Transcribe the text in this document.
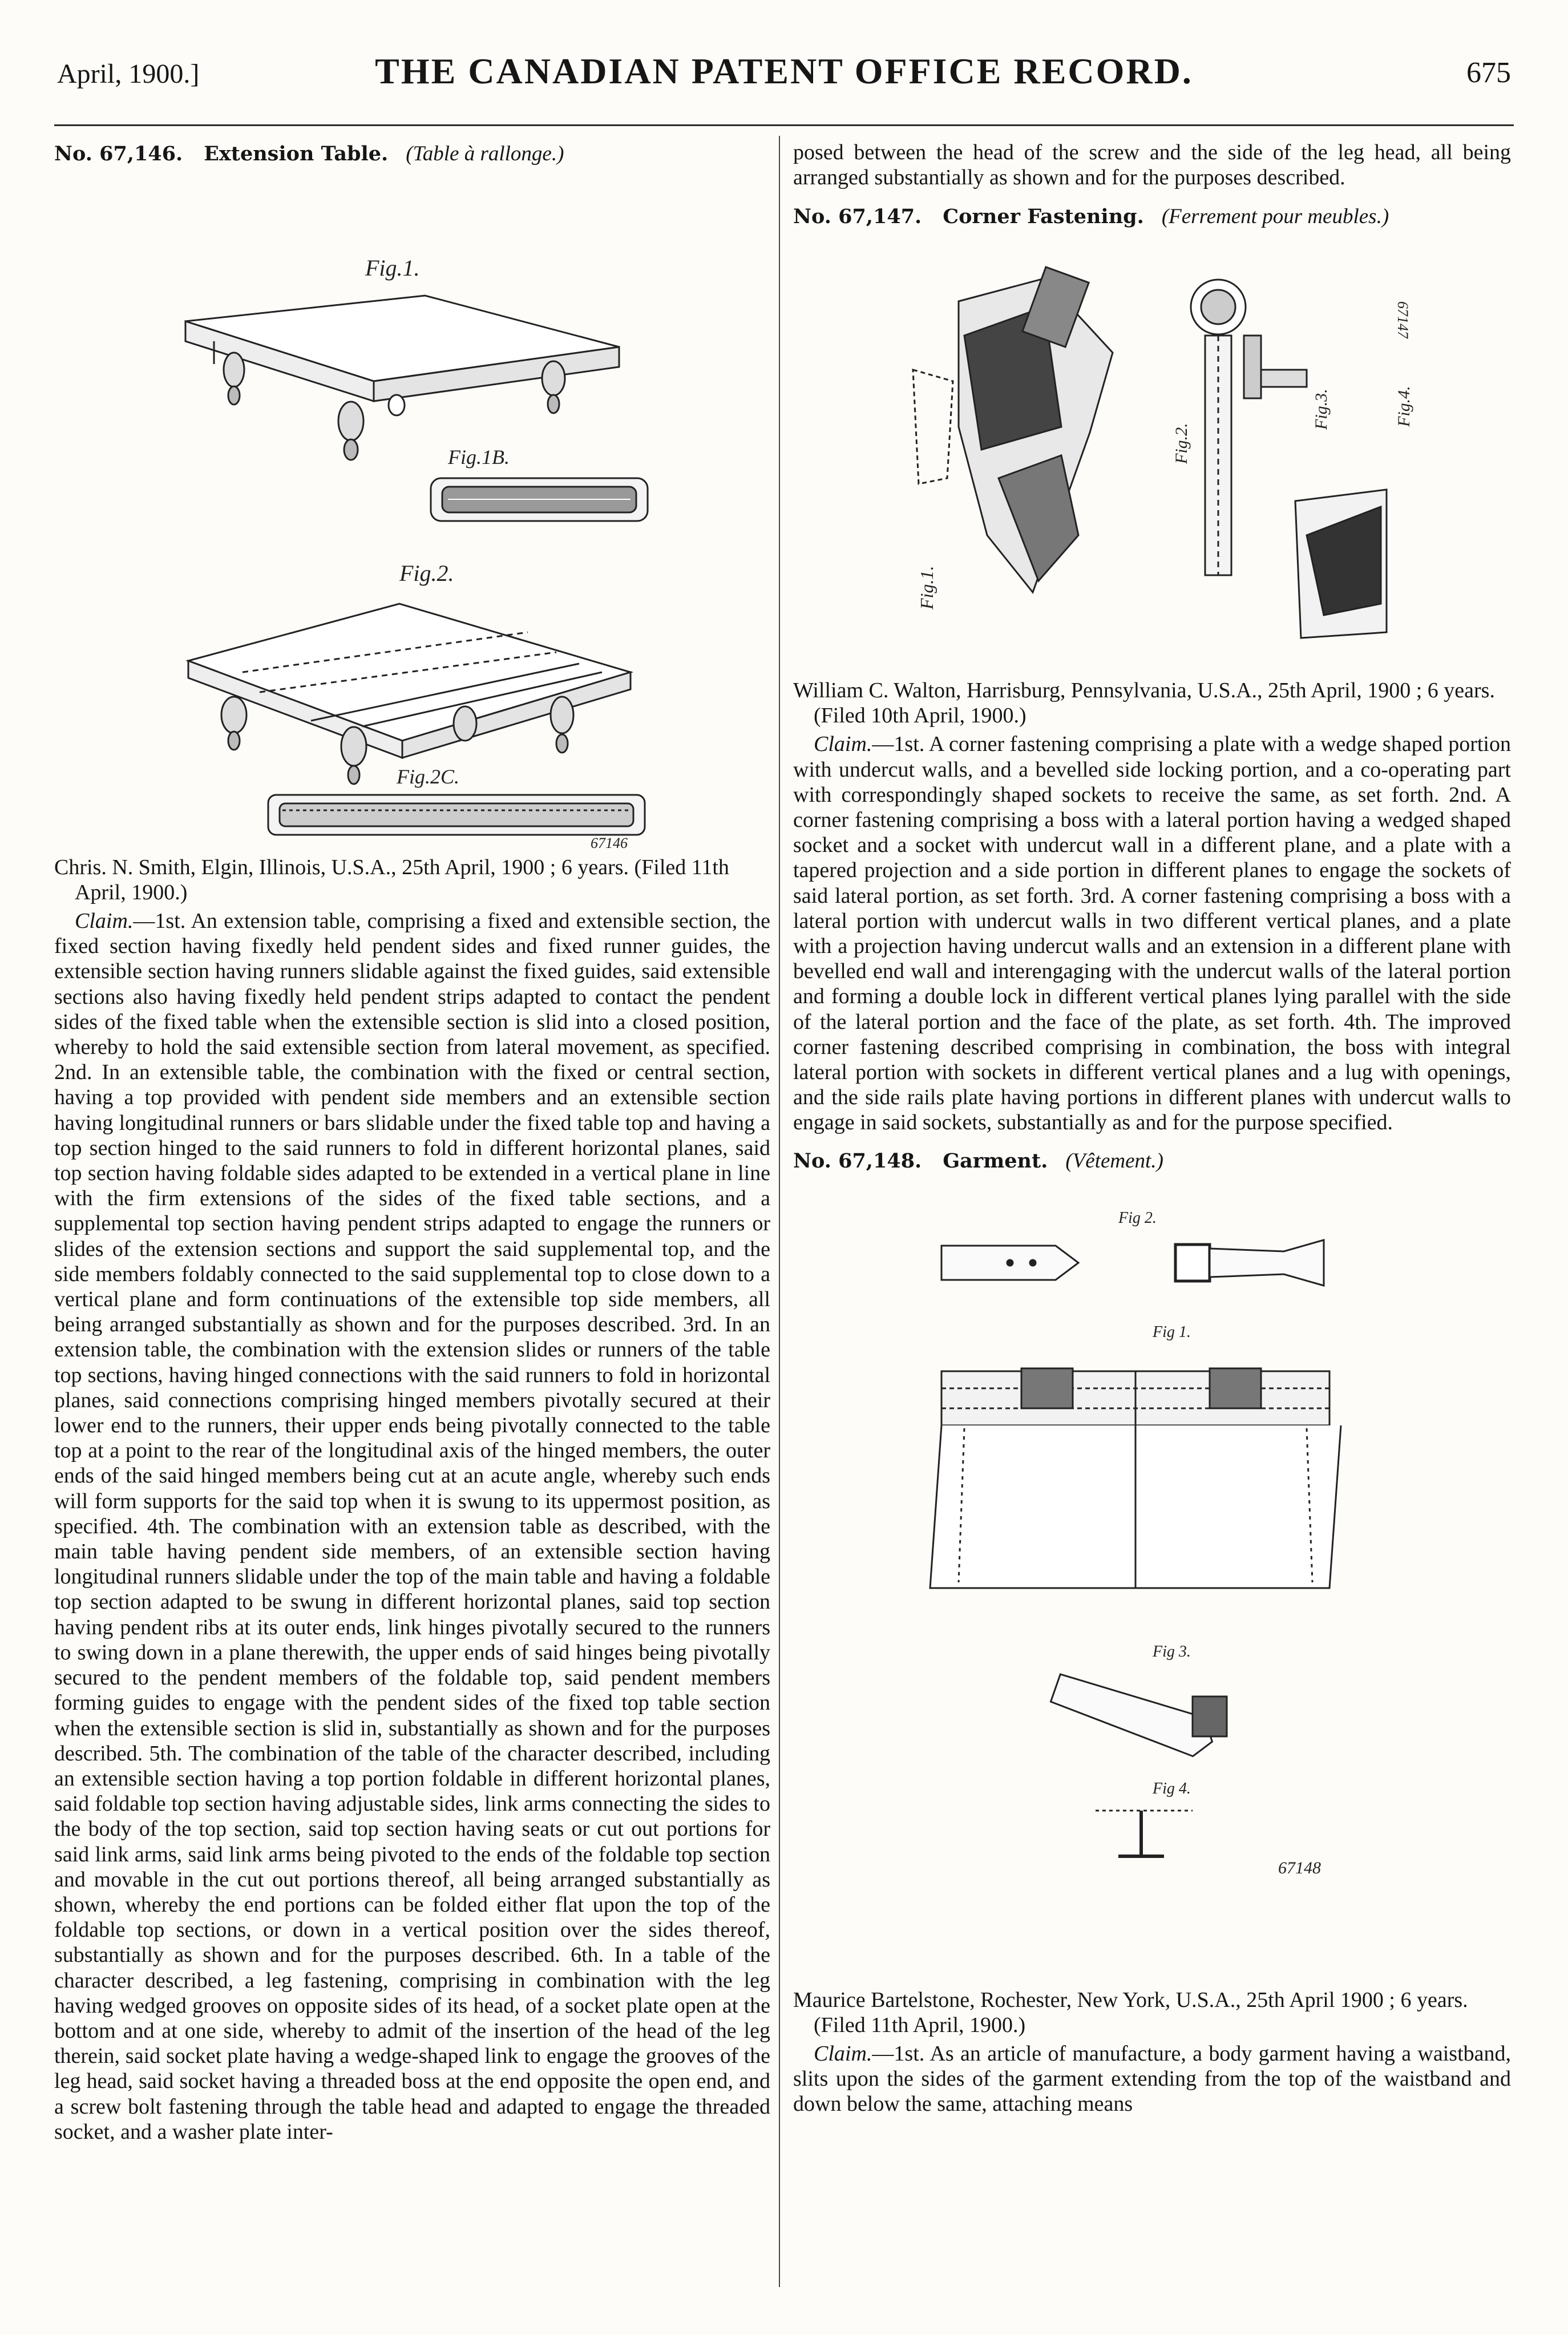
April, 1900.]	THE CANADIAN PATENT OFFICE RECORD.	675
No. 67,146. Extension Table. (Table à rallonge.)
Fig.1.
Fig.1B.
Fig.2.
Fig.2C.
67146

Chris. N. Smith, Elgin, Illinois, U.S.A., 25th April, 1900 ; 6 years. (Filed 11th April, 1900.)

Claim.—1st. An extension table, comprising a fixed and extensible section, the fixed section having fixedly held pendent sides and fixed runner guides, the extensible section having runners slidable against the fixed guides, said extensible sections also having fixedly held pendent strips adapted to contact the pendent sides of the fixed table when the extensible section is slid into a closed position, whereby to hold the said extensible section from lateral movement, as specified. 2nd. In an extensible table, the combination with the fixed or central section, having a top provided with pendent side members and an extensible section having longitudinal runners or bars slidable under the fixed table top and having a top section hinged to the said runners to fold in different horizontal planes, said top section having foldable sides adapted to be extended in a vertical plane in line with the firm extensions of the sides of the fixed table sections, and a supplemental top section having pendent strips adapted to engage the runners or slides of the extension sections and support the said supplemental top, and the side members foldably connected to the said supplemental top to close down to a vertical plane and form continuations of the extensible top side members, all being arranged substantially as shown and for the purposes described. 3rd. In an extension table, the combination with the extension slides or runners of the table top sections, having hinged connections with the said runners to fold in horizontal planes, said connections comprising hinged members pivotally secured at their lower end to the runners, their upper ends being pivotally connected to the table top at a point to the rear of the longitudinal axis of the hinged members, the outer ends of the said hinged members being cut at an acute angle, whereby such ends will form supports for the said top when it is swung to its uppermost position, as specified. 4th. The combination with an extension table as described, with the main table having pendent side members, of an extensible section having longitudinal runners slidable under the top of the main table and having a foldable top section adapted to be swung in different horizontal planes, said top section having pendent ribs at its outer ends, link hinges pivotally secured to the runners to swing down in a plane therewith, the upper ends of said hinges being pivotally secured to the pendent members of the foldable top, said pendent members forming guides to engage with the pendent sides of the fixed top table section when the extensible section is slid in, substantially as shown and for the purposes described. 5th. The combination of the table of the character described, including an extensible section having a top portion foldable in different horizontal planes, said foldable top section having adjustable sides, link arms connecting the sides to the body of the top section, said top section having seats or cut out portions for said link arms, said link arms being pivoted to the ends of the foldable top section and movable in the cut out portions thereof, all being arranged substantially as shown, whereby the end portions can be folded either flat upon the top of the foldable top sections, or down in a vertical position over the sides thereof, substantially as shown and for the purposes described. 6th. In a table of the character described, a leg fastening, comprising in combination with the leg having wedged grooves on opposite sides of its head, of a socket plate open at the bottom and at one side, whereby to admit of the insertion of the head of the leg therein, said socket plate having a wedge-shaped link to engage the grooves of the leg head, said socket having a threaded boss at the end opposite the open end, and a screw bolt fastening through the table head and adapted to engage the threaded socket, and a washer plate inter-

posed between the head of the screw and the side of the leg head, all being arranged substantially as shown and for the purposes described.

No. 67,147. Corner Fastening. (Ferrement pour meubles.)
Fig.1.
Fig.2.
Fig.3.
67147
Fig.4.

William C. Walton, Harrisburg, Pennsylvania, U.S.A., 25th April, 1900 ; 6 years. (Filed 10th April, 1900.)

Claim.—1st. A corner fastening comprising a plate with a wedge shaped portion with undercut walls, and a bevelled side locking portion, and a co-operating part with correspondingly shaped sockets to receive the same, as set forth. 2nd. A corner fastening comprising a boss with a lateral portion having a wedged shaped socket and a socket with undercut wall in a different plane, and a plate with a tapered projection and a side portion in different planes to engage the sockets of said lateral portion, as set forth. 3rd. A corner fastening comprising a boss with a lateral portion with undercut walls in two different vertical planes, and a plate with a projection having undercut walls and an extension in a different plane with bevelled end wall and interengaging with the undercut walls of the lateral portion and forming a double lock in different vertical planes lying parallel with the side of the lateral portion and the face of the plate, as set forth. 4th. The improved corner fastening described comprising in combination, the boss with integral lateral portion with sockets in different vertical planes and a lug with openings, and the side rails plate having portions in different planes with undercut walls to engage in said sockets, substantially as and for the purpose specified.

No. 67,148. Garment. (Vêtement.)
Fig 2.
Fig 1.
Fig 3.
Fig 4.
67148

Maurice Bartelstone, Rochester, New York, U.S.A., 25th April 1900 ; 6 years. (Filed 11th April, 1900.)

Claim.—1st. As an article of manufacture, a body garment having a waistband, slits upon the sides of the garment extending from the top of the waistband and down below the same, attaching means
